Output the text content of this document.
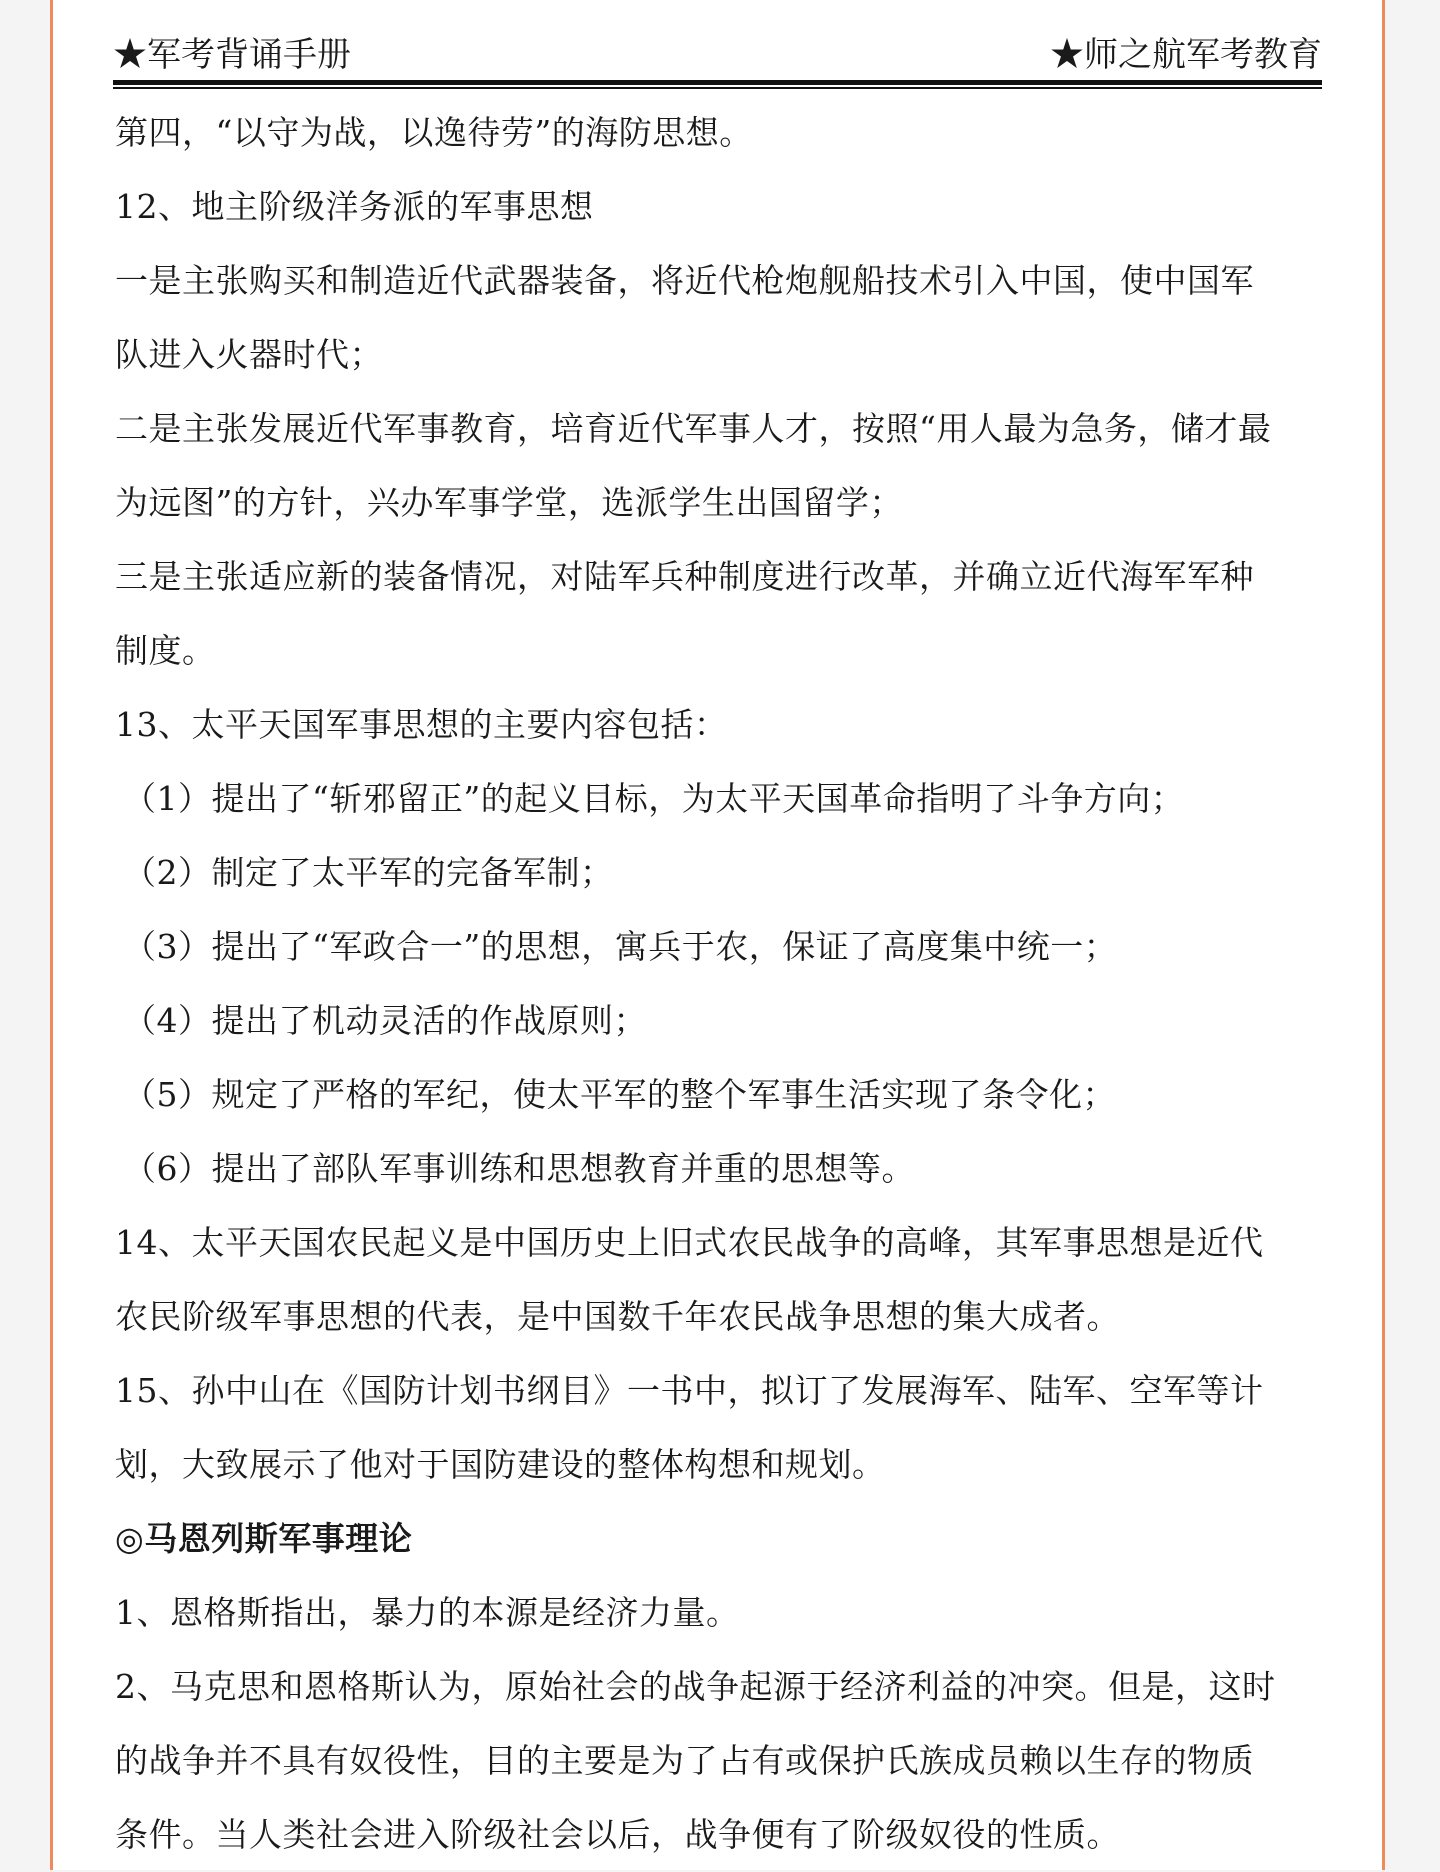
★军考背诵手册	★师之航军考教育
第四，“以守为战，以逸待劳”的海防思想。
12、地主阶级洋务派的军事思想
一是主张购买和制造近代武器装备，将近代枪炮舰船技术引入中国，使中国军
队进入火器时代；
二是主张发展近代军事教育，培育近代军事人才，按照“用人最为急务，储才最
为远图”的方针，兴办军事学堂，选派学生出国留学；
三是主张适应新的装备情况，对陆军兵种制度进行改革，并确立近代海军军种
制度。
13、太平天国军事思想的主要内容包括：
（1）提出了“斩邪留正”的起义目标，为太平天国革命指明了斗争方向；
（2）制定了太平军的完备军制；
（3）提出了“军政合一”的思想，寓兵于农，保证了高度集中统一；
（4）提出了机动灵活的作战原则；
（5）规定了严格的军纪，使太平军的整个军事生活实现了条令化；
（6）提出了部队军事训练和思想教育并重的思想等。
14、太平天国农民起义是中国历史上旧式农民战争的高峰，其军事思想是近代
农民阶级军事思想的代表，是中国数千年农民战争思想的集大成者。
15、孙中山在《国防计划书纲目》一书中，拟订了发展海军、陆军、空军等计
划，大致展示了他对于国防建设的整体构想和规划。
◎马恩列斯军事理论
1、恩格斯指出，暴力的本源是经济力量。
2、马克思和恩格斯认为，原始社会的战争起源于经济利益的冲突。但是，这时
的战争并不具有奴役性，目的主要是为了占有或保护氏族成员赖以生存的物质
条件。当人类社会进入阶级社会以后，战争便有了阶级奴役的性质。
